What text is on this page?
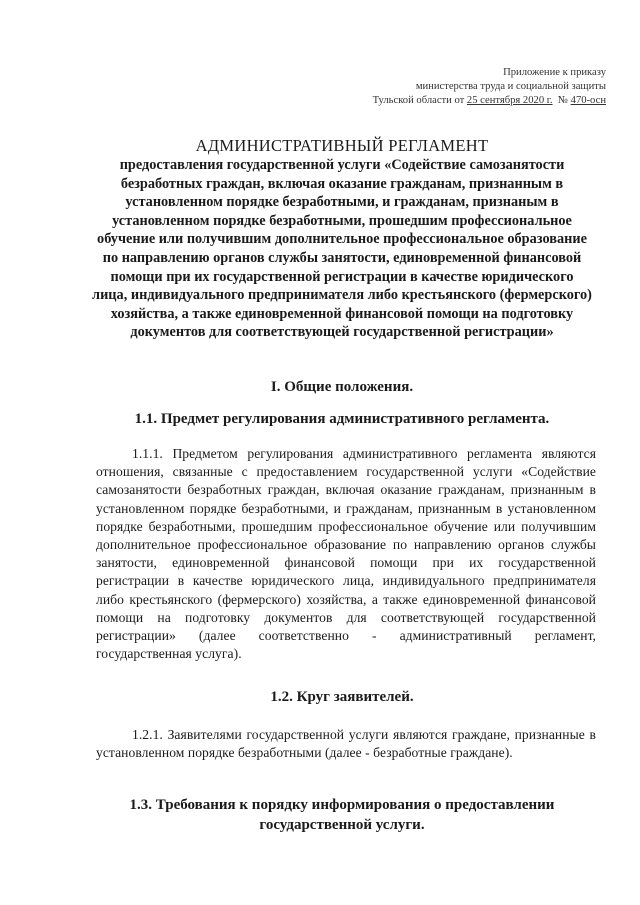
Приложение к приказу
министерства труда и социальной защиты
Тульской области от 25 сентября 2020 г. № 470-осн
АДМИНИСТРАТИВНЫЙ РЕГЛАМЕНТ
предоставления государственной услуги «Содействие самозанятости безработных граждан, включая оказание гражданам, признанным в установленном порядке безработными, и гражданам, признаным в установленном порядке безработными, прошедшим профессиональное обучение или получившим дополнительное профессиональное образование по направлению органов службы занятости, единовременной финансовой помощи при их государственной регистрации в качестве юридического лица, индивидуального предпринимателя либо крестьянского (фермерского) хозяйства, а также единовременной финансовой помощи на подготовку документов для соответствующей государственной регистрации»
I. Общие положения.
1.1. Предмет регулирования административного регламента.
1.1.1. Предметом регулирования административного регламента являются отношения, связанные с предоставлением государственной услуги «Содействие самозанятости безработных граждан, включая оказание гражданам, признанным в установленном порядке безработными, и гражданам, признанным в установленном порядке безработными, прошедшим профессиональное обучение или получившим дополнительное профессиональное образование по направлению органов службы занятости, единовременной финансовой помощи при их государственной регистрации в качестве юридического лица, индивидуального предпринимателя либо крестьянского (фермерского) хозяйства, а также единовременной финансовой помощи на подготовку документов для соответствующей государственной регистрации» (далее соответственно - административный регламент, государственная услуга).
1.2. Круг заявителей.
1.2.1. Заявителями государственной услуги являются граждане, признанные в установленном порядке безработными (далее - безработные граждане).
1.3. Требования к порядку информирования о предоставлении государственной услуги.
